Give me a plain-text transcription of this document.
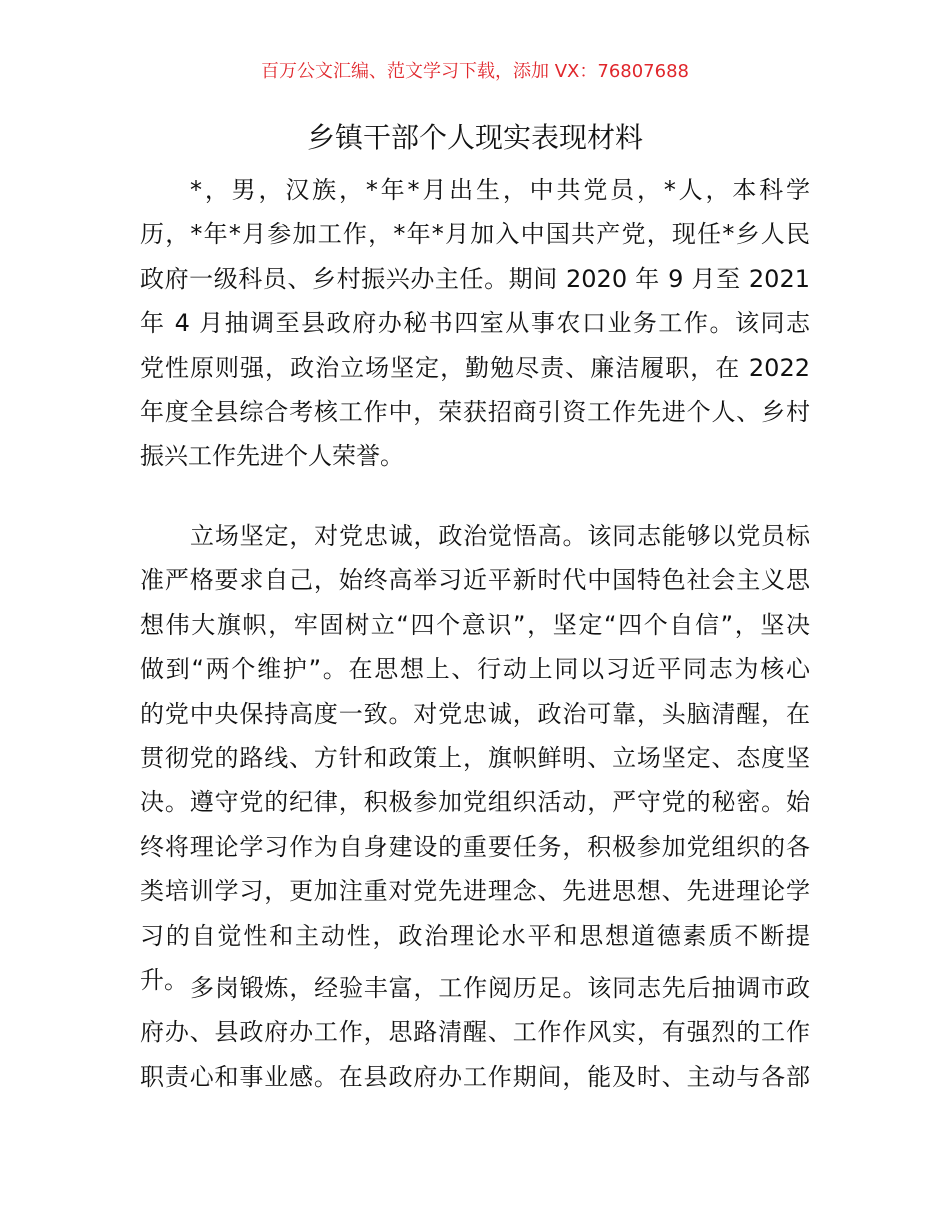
百万公文汇编、范文学习下载，添加 VX：76807688
乡镇干部个人现实表现材料
*，男，汉族，*年*月出生，中共党员，*人，本科学
历，*年*月参加工作，*年*月加入中国共产党，现任*乡人民
政府一级科员、乡村振兴办主任。期间 2020 年 9 月至 2021
年 4 月抽调至县政府办秘书四室从事农口业务工作。该同志
党性原则强，政治立场坚定，勤勉尽责、廉洁履职，在 2022
年度全县综合考核工作中，荣获招商引资工作先进个人、乡村
振兴工作先进个人荣誉。
立场坚定，对党忠诚，政治觉悟高。该同志能够以党员标
准严格要求自己，始终高举习近平新时代中国特色社会主义思
想伟大旗帜，牢固树立“四个意识”，坚定“四个自信”，坚决
做到“两个维护”。在思想上、行动上同以习近平同志为核心
的党中央保持高度一致。对党忠诚，政治可靠，头脑清醒，在
贯彻党的路线、方针和政策上，旗帜鲜明、立场坚定、态度坚
决。遵守党的纪律，积极参加党组织活动，严守党的秘密。始
终将理论学习作为自身建设的重要任务，积极参加党组织的各
类培训学习，更加注重对党先进理念、先进思想、先进理论学
习的自觉性和主动性，政治理论水平和思想道德素质不断提
升。 多岗锻炼，经验丰富，工作阅历足。该同志先后抽调市政
府办、县政府办工作，思路清醒、工作作风实，有强烈的工作
职责心和事业感。在县政府办工作期间，能及时、主动与各部
